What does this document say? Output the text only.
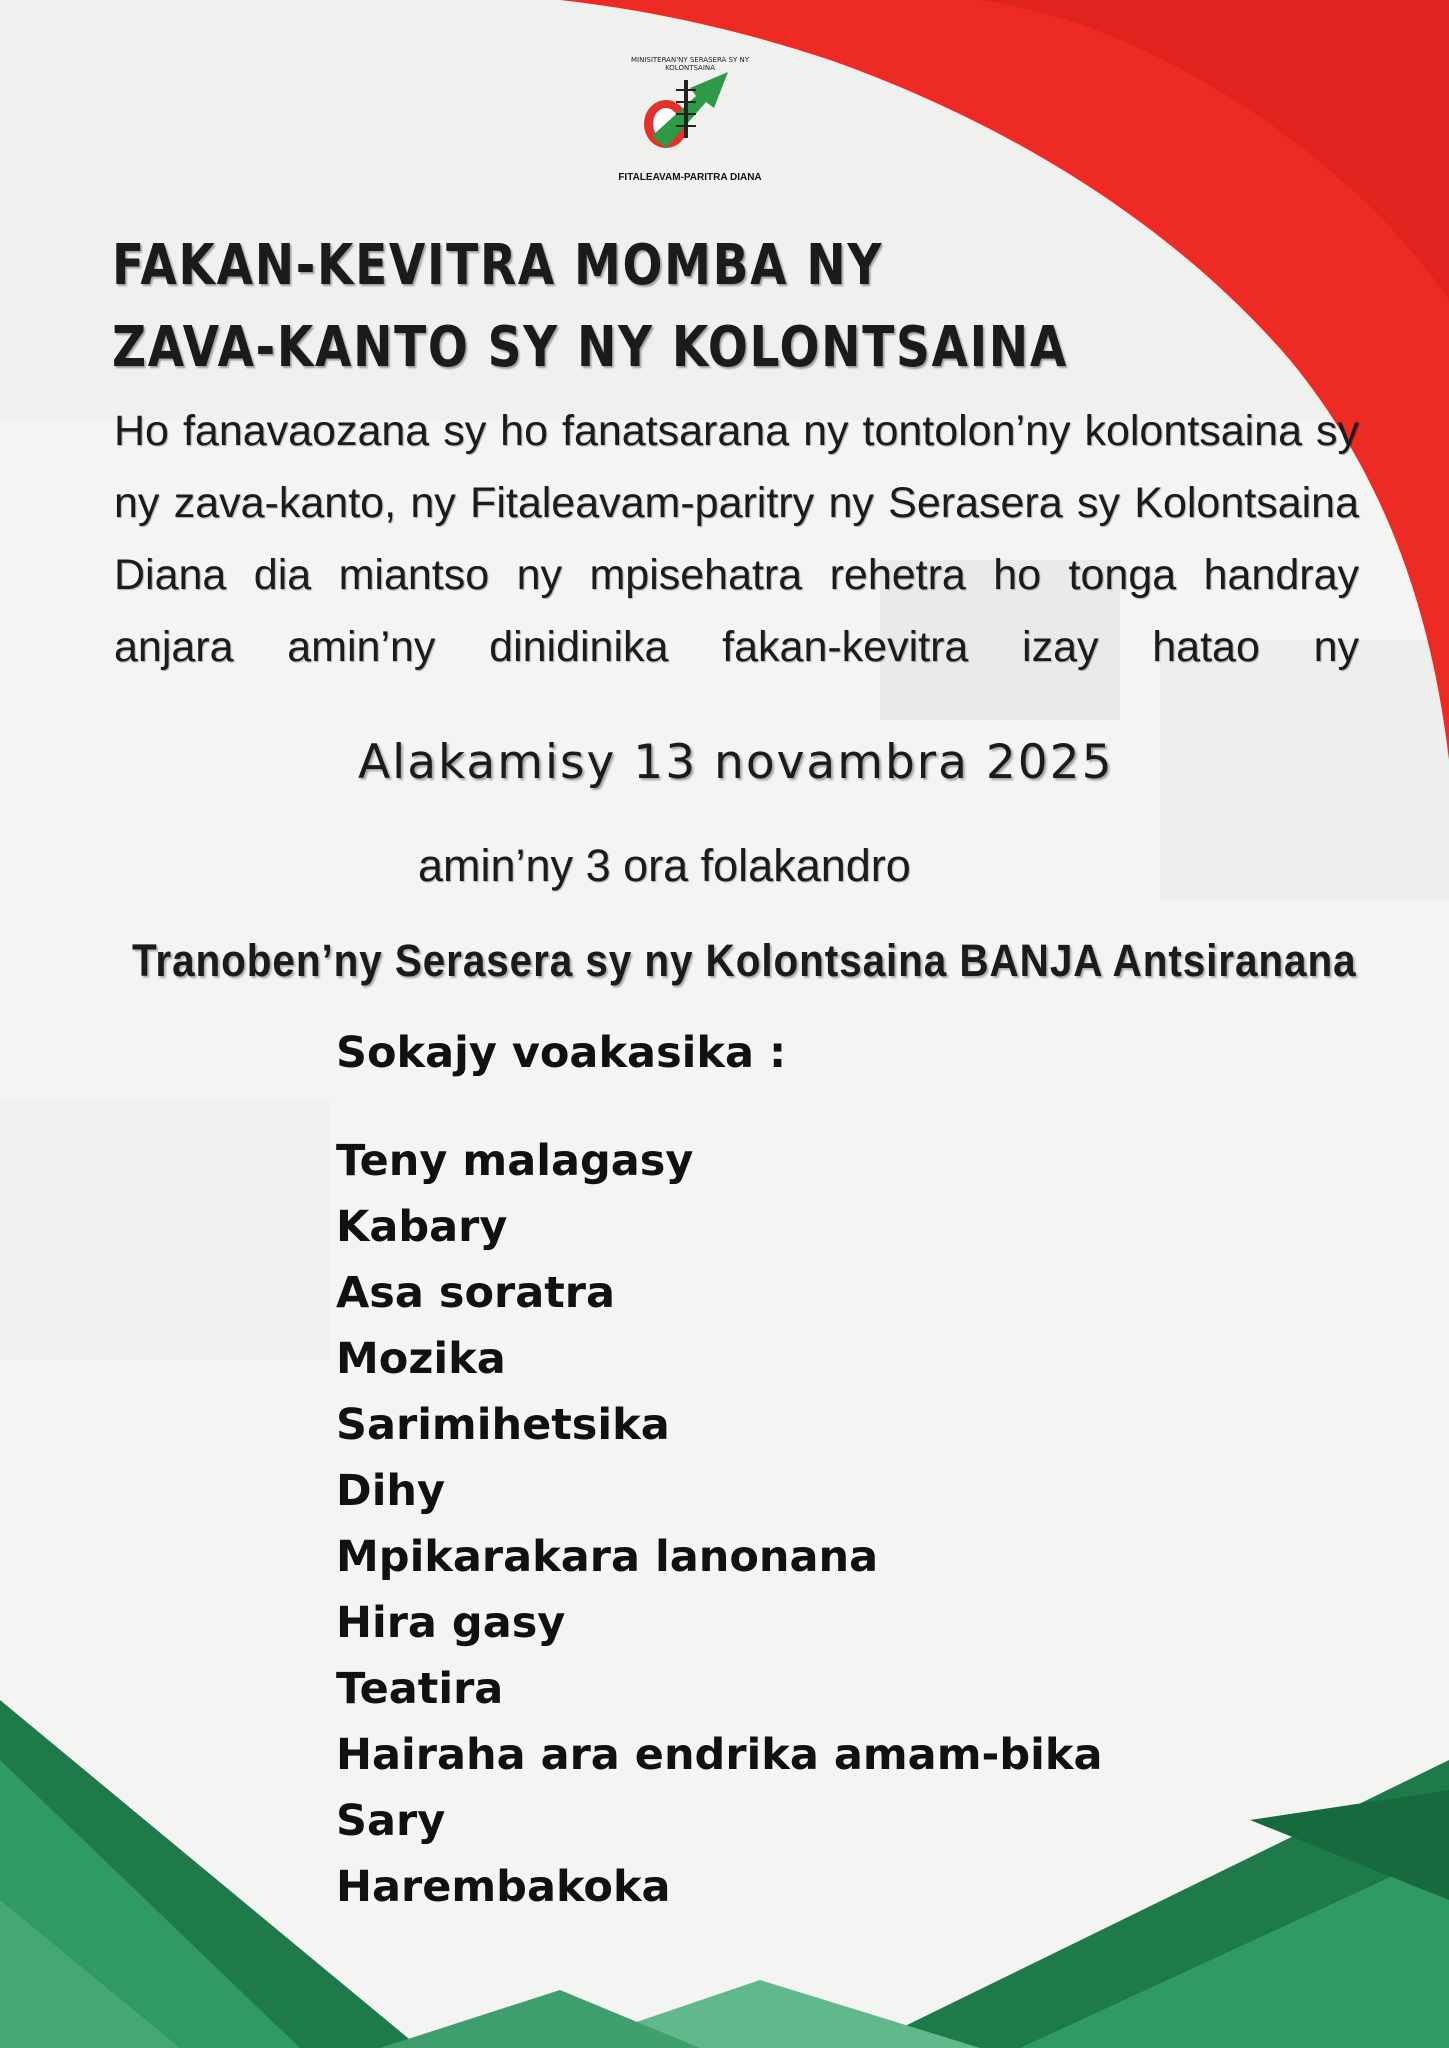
MINISITERAN'NY SERASERA SY NY KOLONTSAINA
FITALEAVAM-PARITRA DIANA
FAKAN-KEVITRA MOMBA NY
ZAVA-KANTO SY NY KOLONTSAINA

Ho fanavaozana sy ho fanatsarana ny tontolon’ny kolontsaina sy ny zava-kanto, ny Fitaleavam-paritry ny Serasera sy Kolontsaina Diana dia miantso ny mpisehatra rehetra ho tonga handray anjara amin’ny dinidinika fakan-kevitra izay hatao ny

Alakamisy 13 novambra 2025
amin’ny 3 ora folakandro
Tranoben’ny Serasera sy ny Kolontsaina BANJA Antsiranana
Sokajy voakasika :
Teny malagasy
Kabary
Asa soratra
Mozika
Sarimihetsika
Dihy
Mpikarakara lanonana
Hira gasy
Teatira
Hairaha ara endrika amam-bika
Sary
Harembakoka
